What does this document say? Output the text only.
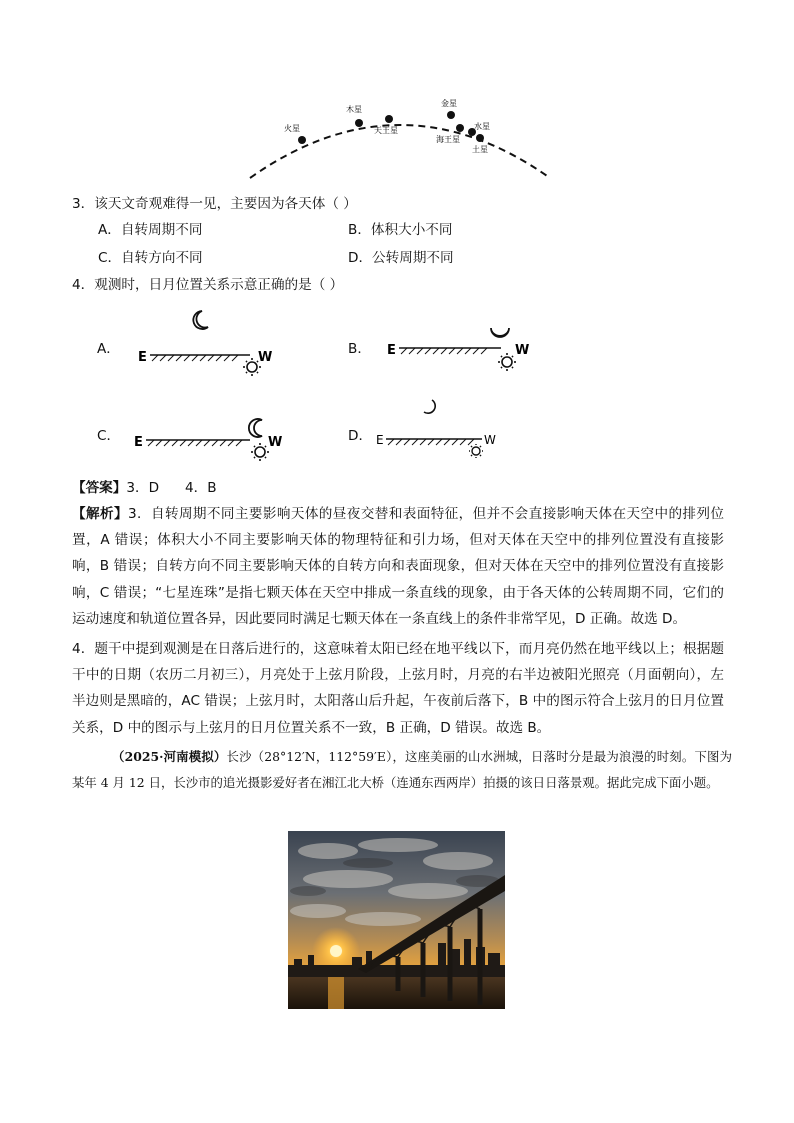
火星
木星
天王星
金星
海王星
水星
土星
3．该天文奇观难得一见，主要因为各天体（ ）
A．自转周期不同	B．体积大小不同
C．自转方向不同	D．公转周期不同
4．观测时，日月位置关系示意正确的是（ ）
A．
E	W
B． E	W
C． E	W	D． E	W
【答案】3．D      4．B
【解析】3．自转周期不同主要影响天体的昼夜交替和表面特征，但并不会直接影响天体在天空中的排列位置，A 错误；体积大小不同主要影响天体的物理特征和引力场，但对天体在天空中的排列位置没有直接影响，B 错误；自转方向不同主要影响天体的自转方向和表面现象，但对天体在天空中的排列位置没有直接影响，C 错误；“七星连珠”是指七颗天体在天空中排成一条直线的现象，由于各天体的公转周期不同，它们的运动速度和轨道位置各异，因此要同时满足七颗天体在一条直线上的条件非常罕见，D 正确。故选 D。
4．题干中提到观测是在日落后进行的，这意味着太阳已经在地平线以下，而月亮仍然在地平线以上；根据题干中的日期（农历二月初三），月亮处于上弦月阶段，上弦月时，月亮的右半边被阳光照亮（月面朝向），左半边则是黑暗的，AC 错误；上弦月时，太阳落山后升起，午夜前后落下，B 中的图示符合上弦月的日月位置关系，D 中的图示与上弦月的日月位置关系不一致，B 正确，D 错误。故选 B。
（2025·河南模拟）长沙（28°12′N，112°59′E），这座美丽的山水洲城，日落时分是最为浪漫的时刻。下图为某年 4 月 12 日，长沙市的追光摄影爱好者在湘江北大桥（连通东西两岸）拍摄的该日日落景观。据此完成下面小题。
